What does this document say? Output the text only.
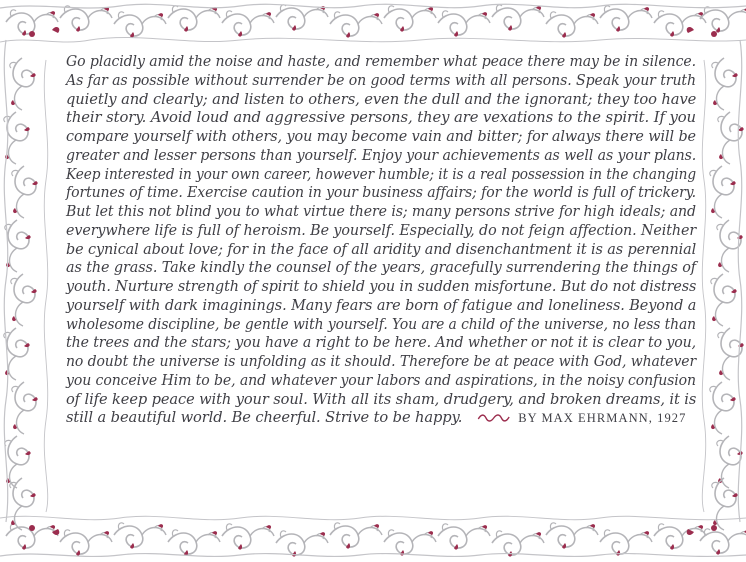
Go placidly amid the noise and haste, and remember what peace there may be in silence.
As far as possible without surrender be on good terms with all persons. Speak your truth
quietly and clearly; and listen to others, even the dull and the ignorant; they too have
their story. Avoid loud and aggressive persons, they are vexations to the spirit. If you
compare yourself with others, you may become vain and bitter; for always there will be
greater and lesser persons than yourself. Enjoy your achievements as well as your plans.
Keep interested in your own career, however humble; it is a real possession in the changing
fortunes of time. Exercise caution in your business affairs; for the world is full of trickery.
But let this not blind you to what virtue there is; many persons strive for high ideals; and
everywhere life is full of heroism. Be yourself. Especially, do not feign affection. Neither
be cynical about love; for in the face of all aridity and disenchantment it is as perennial
as the grass. Take kindly the counsel of the years, gracefully surrendering the things of
youth. Nurture strength of spirit to shield you in sudden misfortune. But do not distress
yourself with dark imaginings. Many fears are born of fatigue and loneliness. Beyond a
wholesome discipline, be gentle with yourself. You are a child of the universe, no less than
the trees and the stars; you have a right to be here. And whether or not it is clear to you,
no doubt the universe is unfolding as it should. Therefore be at peace with God, whatever
you conceive Him to be, and whatever your labors and aspirations, in the noisy confusion
of life keep peace with your soul. With all its sham, drudgery, and broken dreams, it is
still a beautiful world. Be cheerful. Strive to be happy.	BY MAX EHRMANN, 1927
